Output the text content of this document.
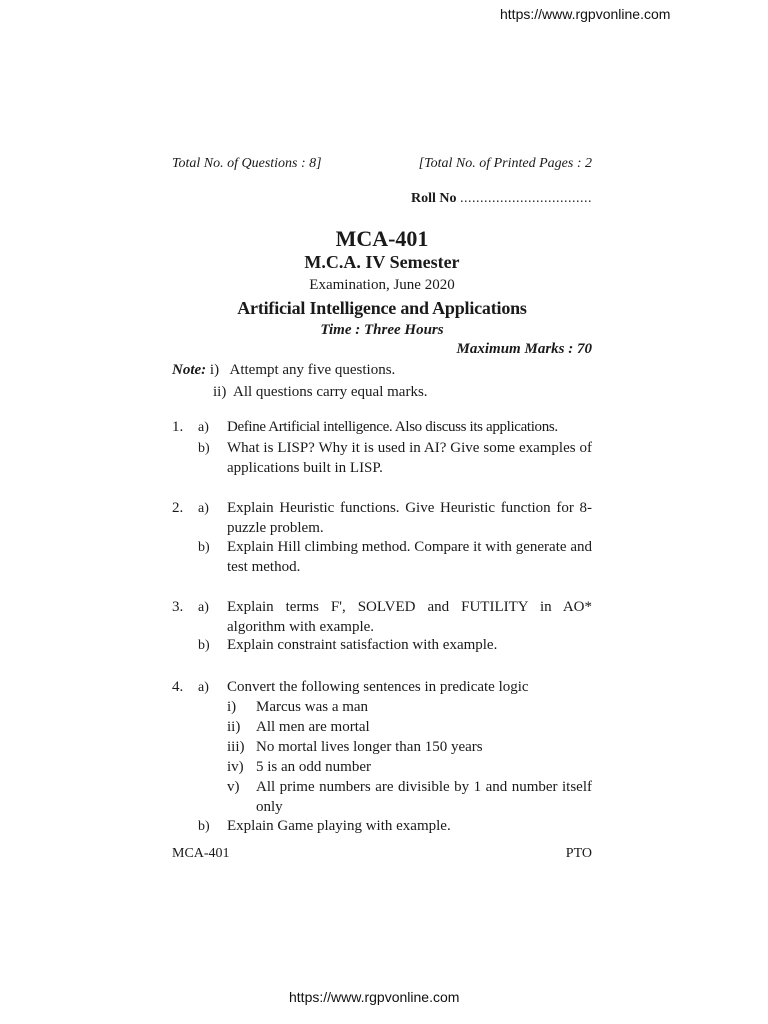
https://www.rgpvonline.com
Total No. of Questions : 8]	[Total No. of Printed Pages : 2
Roll No .................................
MCA-401
M.C.A. IV Semester
Examination, June 2020
Artificial Intelligence and Applications
Time : Three Hours
Maximum Marks : 70
Note: i)   Attempt any five questions.
ii)  All questions carry equal marks.
1. a) Define Artificial intelligence. Also discuss its applications.
b) What is LISP? Why it is used in AI? Give some examples of applications built in LISP.
2. a) Explain Heuristic functions. Give Heuristic function for 8-puzzle problem.
b) Explain Hill climbing method. Compare it with generate and test method.
3. a) Explain terms F', SOLVED and FUTILITY in AO* algorithm with example.
b) Explain constraint satisfaction with example.
4. a) Convert the following sentences in predicate logic
i) Marcus was a man
ii) All men are mortal
iii) No mortal lives longer than 150 years
iv) 5 is an odd number
v) All prime numbers are divisible by 1 and number itself only
b) Explain Game playing with example.
MCA-401	PTO
https://www.rgpvonline.com
